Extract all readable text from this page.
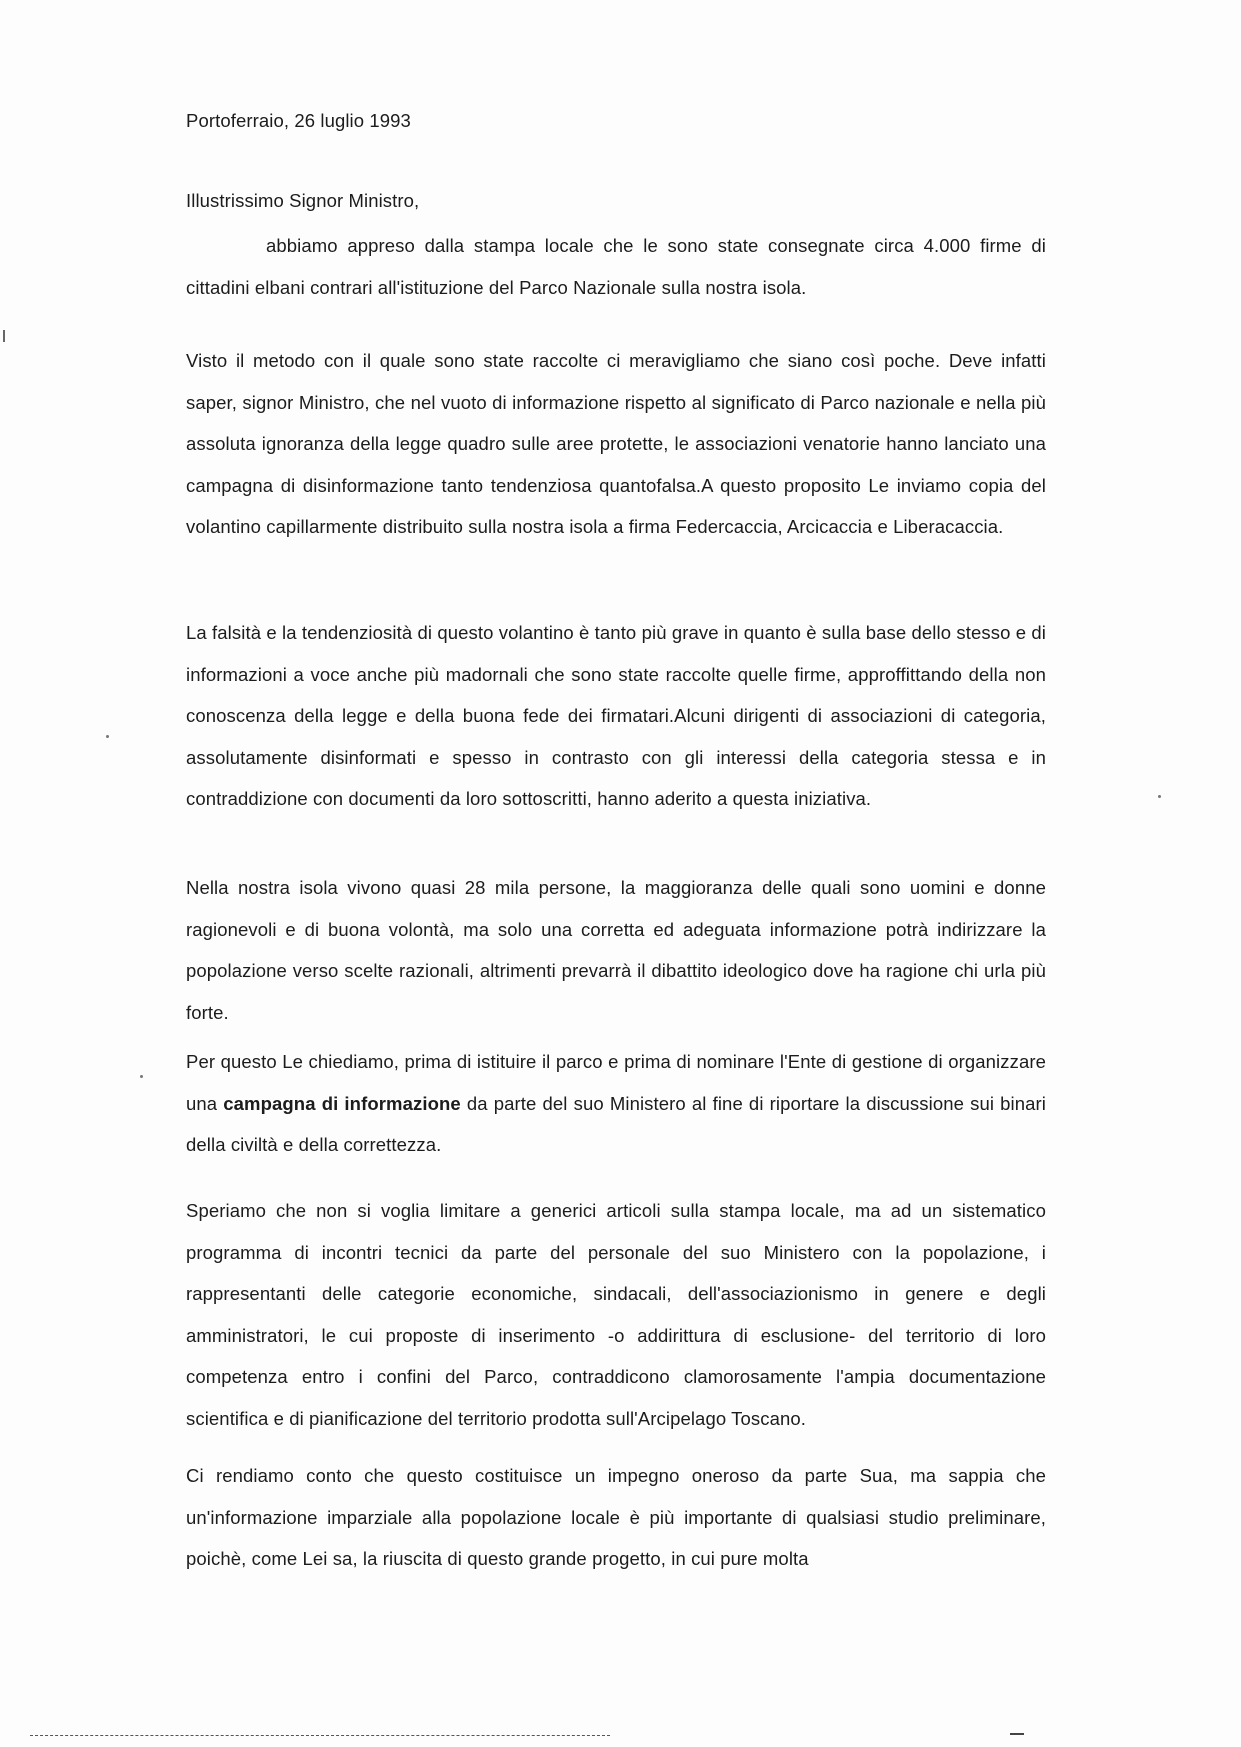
Portoferraio, 26 luglio 1993
Illustrissimo Signor Ministro,
abbiamo appreso dalla stampa locale che le sono state consegnate circa 4.000 firme di cittadini elbani contrari all'istituzione del Parco Nazionale sulla nostra isola.
Visto il metodo con il quale sono state raccolte ci meravigliamo che siano così poche. Deve infatti saper, signor Ministro, che nel vuoto di informazione rispetto al significato di Parco nazionale e nella più assoluta ignoranza della legge quadro sulle aree protette, le associazioni venatorie hanno lanciato una campagna di disinformazione tanto tendenziosa quantofalsa.A questo proposito Le inviamo copia del volantino capillarmente distribuito sulla nostra isola a firma Federcaccia, Arcicaccia e Liberacaccia.
La falsità e la tendenziosità di questo volantino è tanto più grave in quanto è sulla base dello stesso e di informazioni a voce anche più madornali che sono state raccolte quelle firme, approffittando della non conoscenza della legge e della buona fede dei firmatari.Alcuni dirigenti di associazioni di categoria, assolutamente disinformati e spesso in contrasto con gli interessi della categoria stessa e in contraddizione con documenti da loro sottoscritti, hanno aderito a questa iniziativa.
Nella nostra isola vivono quasi 28 mila persone, la maggioranza delle quali sono uomini e donne ragionevoli e di buona volontà, ma solo una corretta ed adeguata informazione potrà indirizzare la popolazione verso scelte razionali, altrimenti prevarrà il dibattito ideologico dove ha ragione chi urla più forte.
Per questo Le chiediamo, prima di istituire il parco e prima di nominare l'Ente di gestione di organizzare una campagna di informazione da parte del suo Ministero al fine di riportare la discussione sui binari della civiltà e della correttezza.
Speriamo che non si voglia limitare a generici articoli sulla stampa locale, ma ad un sistematico programma di incontri tecnici da parte del personale del suo Ministero con la popolazione, i rappresentanti delle categorie economiche, sindacali, dell'associazionismo in genere e degli amministratori, le cui proposte di inserimento -o addirittura di esclusione- del territorio di loro competenza entro i confini del Parco, contraddicono clamorosamente l'ampia documentazione scientifica e di pianificazione del territorio prodotta sull'Arcipelago Toscano.
Ci rendiamo conto che questo costituisce un impegno oneroso da parte Sua, ma sappia che un'informazione imparziale alla popolazione locale è più importante di qualsiasi studio preliminare, poichè, come Lei sa, la riuscita di questo grande progetto, in cui pure molta
